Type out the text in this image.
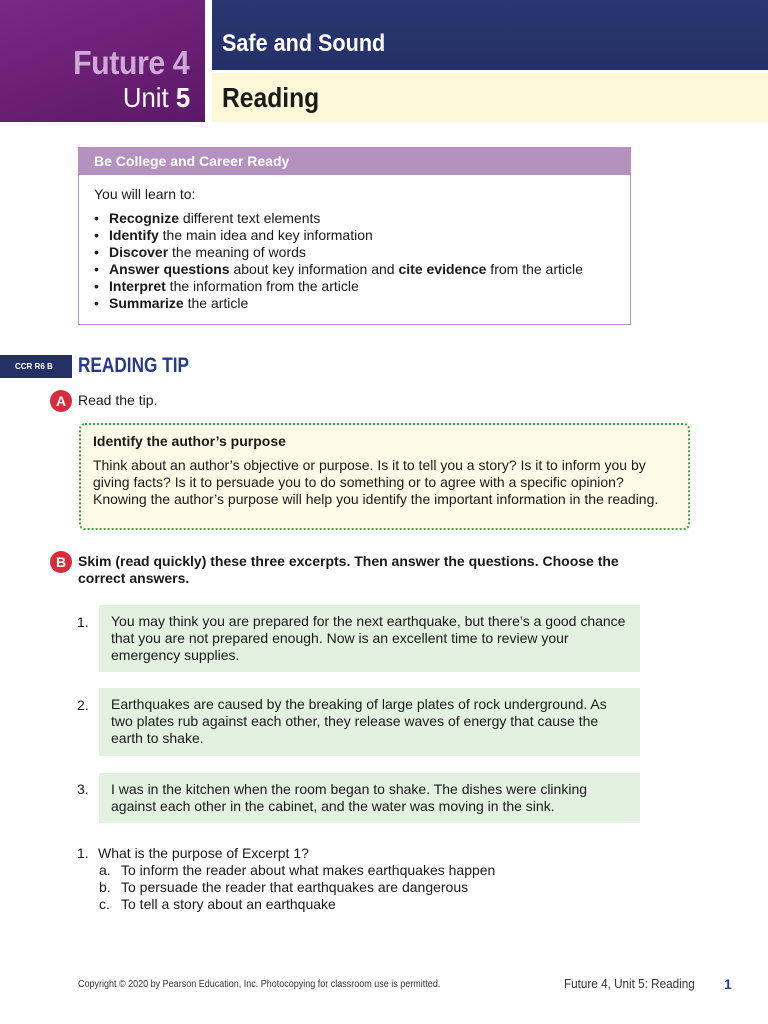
Future 4
Unit 5
Safe and Sound
Reading
Be College and Career Ready
You will learn to:
• Recognize different text elements
• Identify the main idea and key information
• Discover the meaning of words
• Answer questions about key information and cite evidence from the article
• Interpret the information from the article
• Summarize the article
CCR R6 B	READING TIP
A Read the tip.
Identify the author’s purpose
Think about an author’s objective or purpose. Is it to tell you a story? Is it to inform you by giving facts? Is it to persuade you to do something or to agree with a specific opinion? Knowing the author’s purpose will help you identify the important information in the reading.
B Skim (read quickly) these three excerpts. Then answer the questions. Choose the
correct answers.
1.	You may think you are prepared for the next earthquake, but there’s a good chance that you are not prepared enough. Now is an excellent time to review your emergency supplies.
2.	Earthquakes are caused by the breaking of large plates of rock underground. As two plates rub against each other, they release waves of energy that cause the earth to shake.
3.	I was in the kitchen when the room began to shake. The dishes were clinking against each other in the cabinet, and the water was moving in the sink.
1. What is the purpose of Excerpt 1?
a. To inform the reader about what makes earthquakes happen
b. To persuade the reader that earthquakes are dangerous
c. To tell a story about an earthquake
Copyright © 2020 by Pearson Education, Inc. Photocopying for classroom use is permitted.	Future 4, Unit 5: Reading 1
